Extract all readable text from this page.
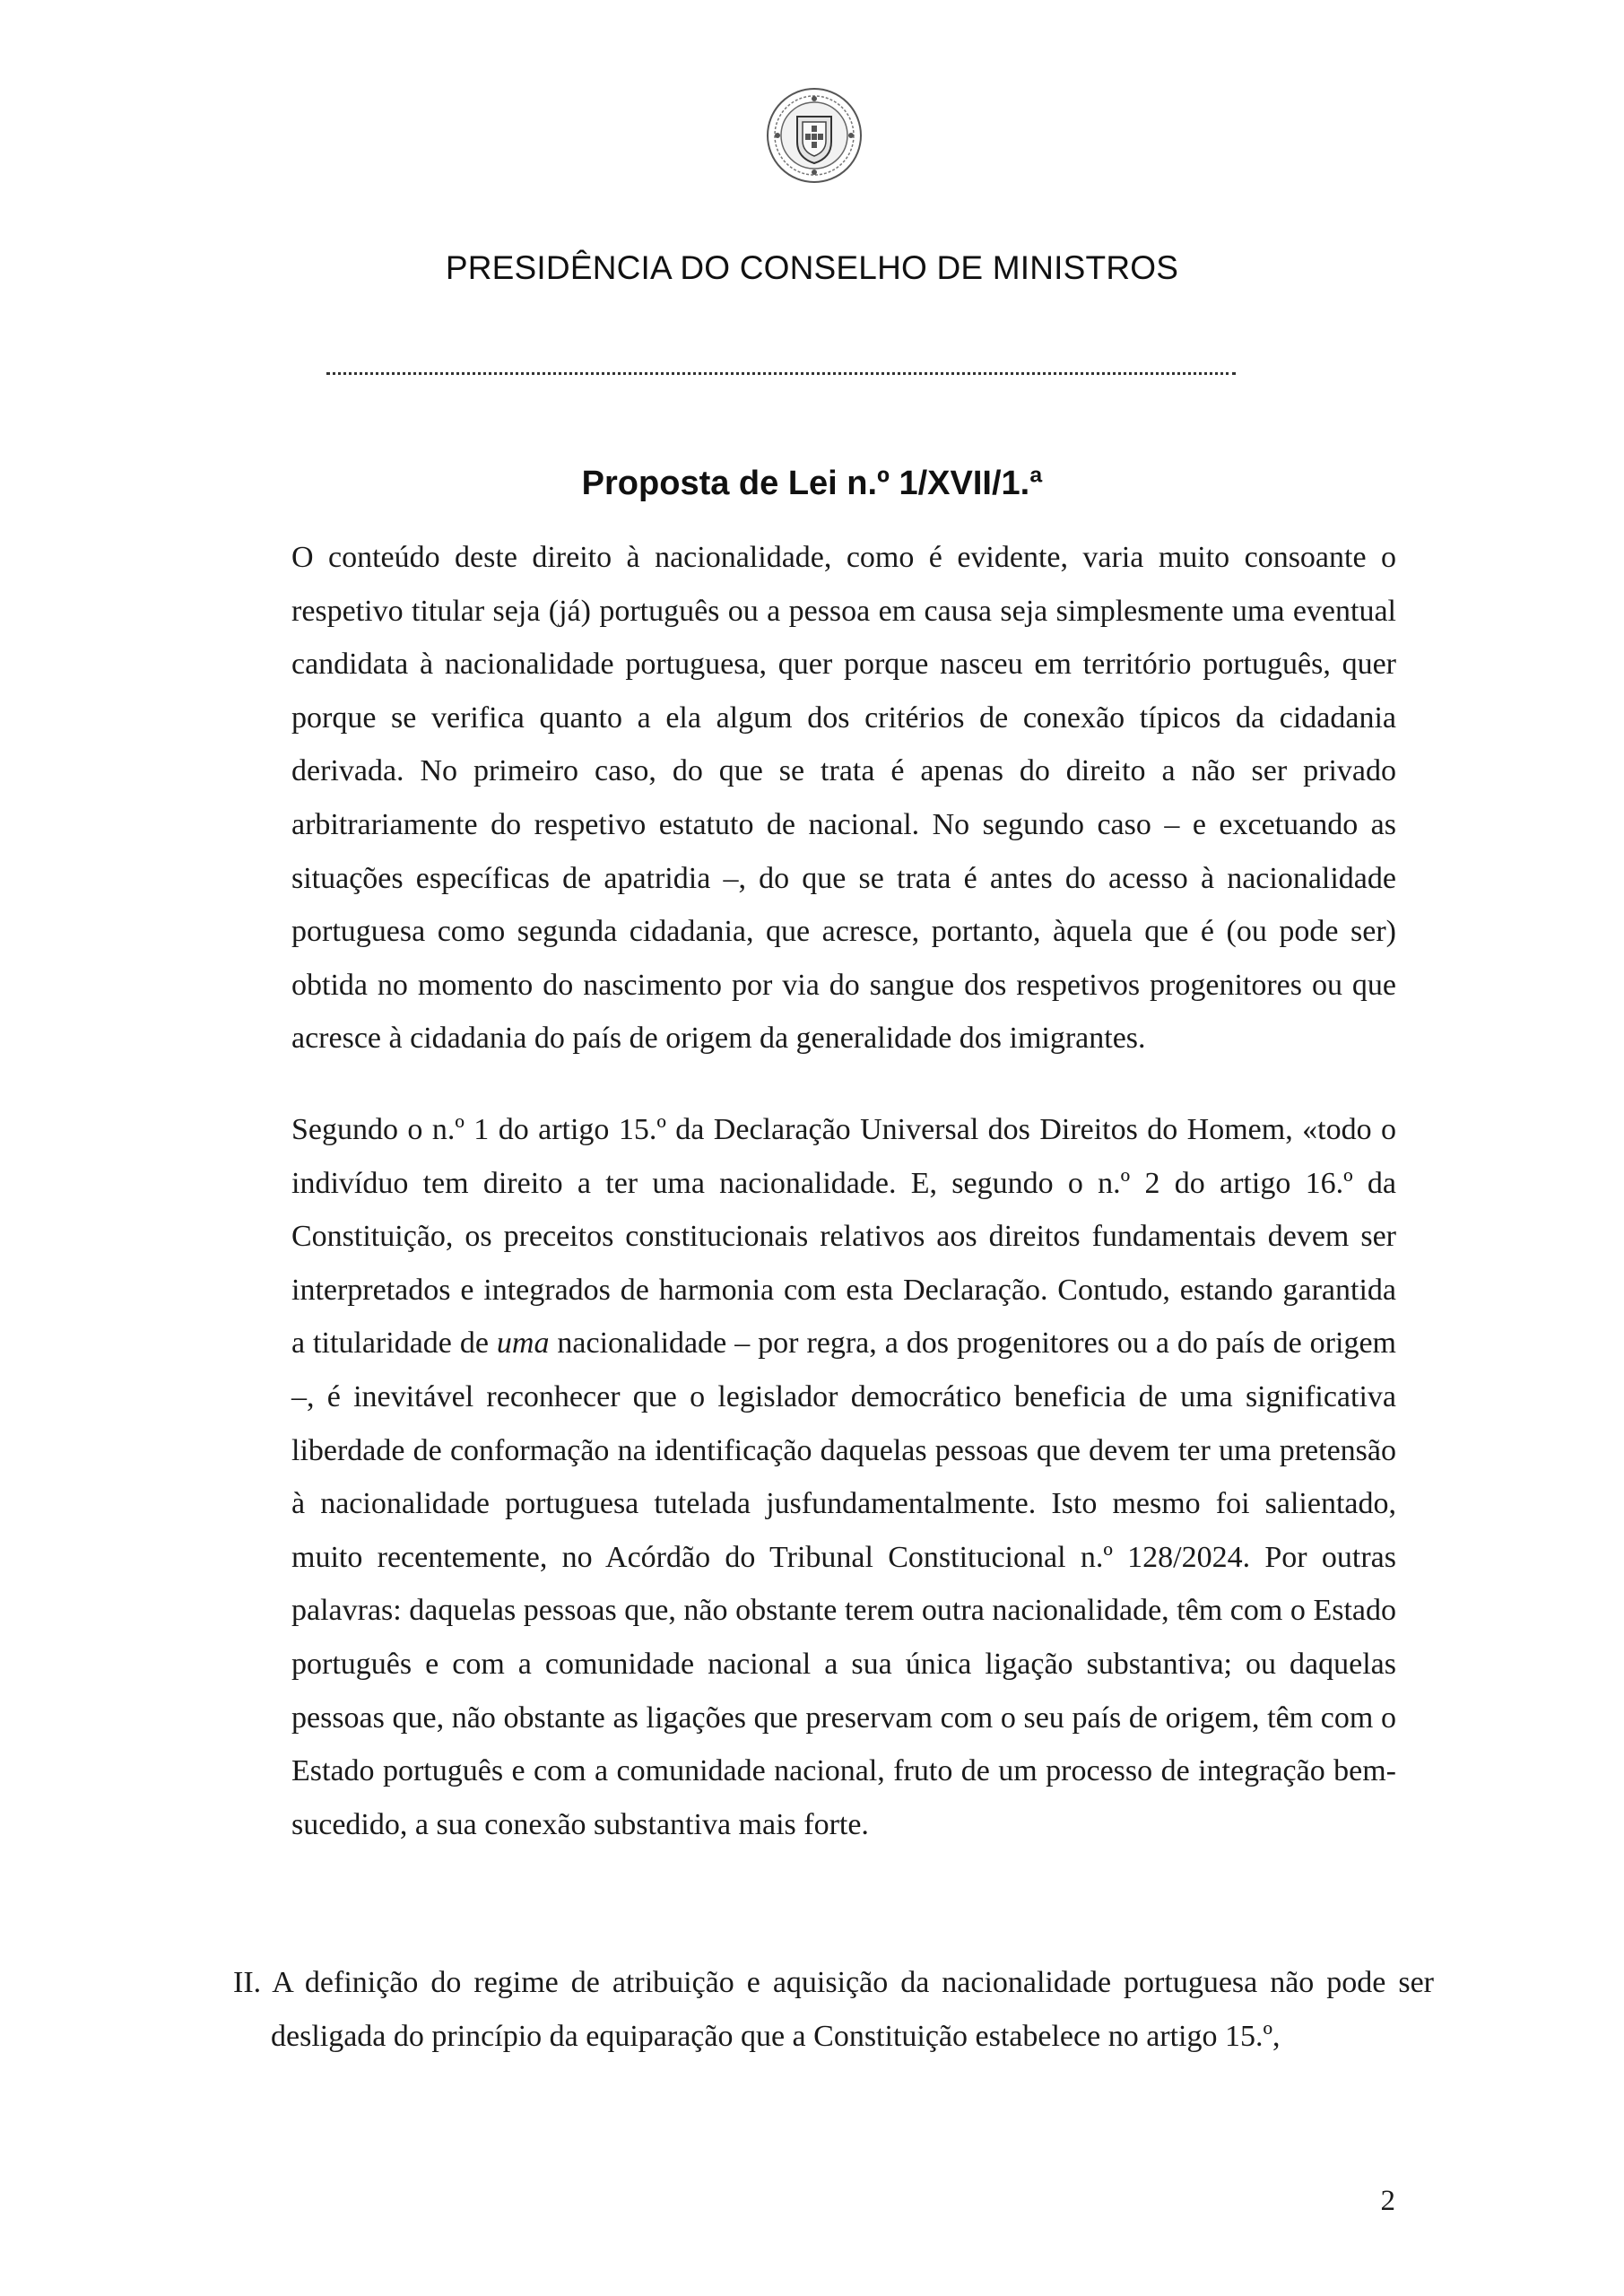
PRESIDÊNCIA DO CONSELHO DE MINISTROS
Proposta de Lei n.º 1/XVII/1.ª

O conteúdo deste direito à nacionalidade, como é evidente, varia muito consoante o respetivo titular seja (já) português ou a pessoa em causa seja simplesmente uma eventual candidata à nacionalidade portuguesa, quer porque nasceu em território português, quer porque se verifica quanto a ela algum dos critérios de conexão típicos da cidadania derivada. No primeiro caso, do que se trata é apenas do direito a não ser privado arbitrariamente do respetivo estatuto de nacional. No segundo caso – e excetuando as situações específicas de apatridia –, do que se trata é antes do acesso à nacionalidade portuguesa como segunda cidadania, que acresce, portanto, àquela que é (ou pode ser) obtida no momento do nascimento por via do sangue dos respetivos progenitores ou que acresce à cidadania do país de origem da generalidade dos imigrantes.

Segundo o n.º 1 do artigo 15.º da Declaração Universal dos Direitos do Homem, «todo o indivíduo tem direito a ter uma nacionalidade. E, segundo o n.º 2 do artigo 16.º da Constituição, os preceitos constitucionais relativos aos direitos fundamentais devem ser interpretados e integrados de harmonia com esta Declaração. Contudo, estando garantida a titularidade de uma nacionalidade – por regra, a dos progenitores ou a do país de origem –, é inevitável reconhecer que o legislador democrático beneficia de uma significativa liberdade de conformação na identificação daquelas pessoas que devem ter uma pretensão à nacionalidade portuguesa tutelada jusfundamentalmente. Isto mesmo foi salientado, muito recentemente, no Acórdão do Tribunal Constitucional n.º 128/2024. Por outras palavras: daquelas pessoas que, não obstante terem outra nacionalidade, têm com o Estado português e com a comunidade nacional a sua única ligação substantiva; ou daquelas pessoas que, não obstante as ligações que preservam com o seu país de origem, têm com o Estado português e com a comunidade nacional, fruto de um processo de integração bem-sucedido, a sua conexão substantiva mais forte.

II. A definição do regime de atribuição e aquisição da nacionalidade portuguesa não pode ser desligada do princípio da equiparação que a Constituição estabelece no artigo 15.º,

2
